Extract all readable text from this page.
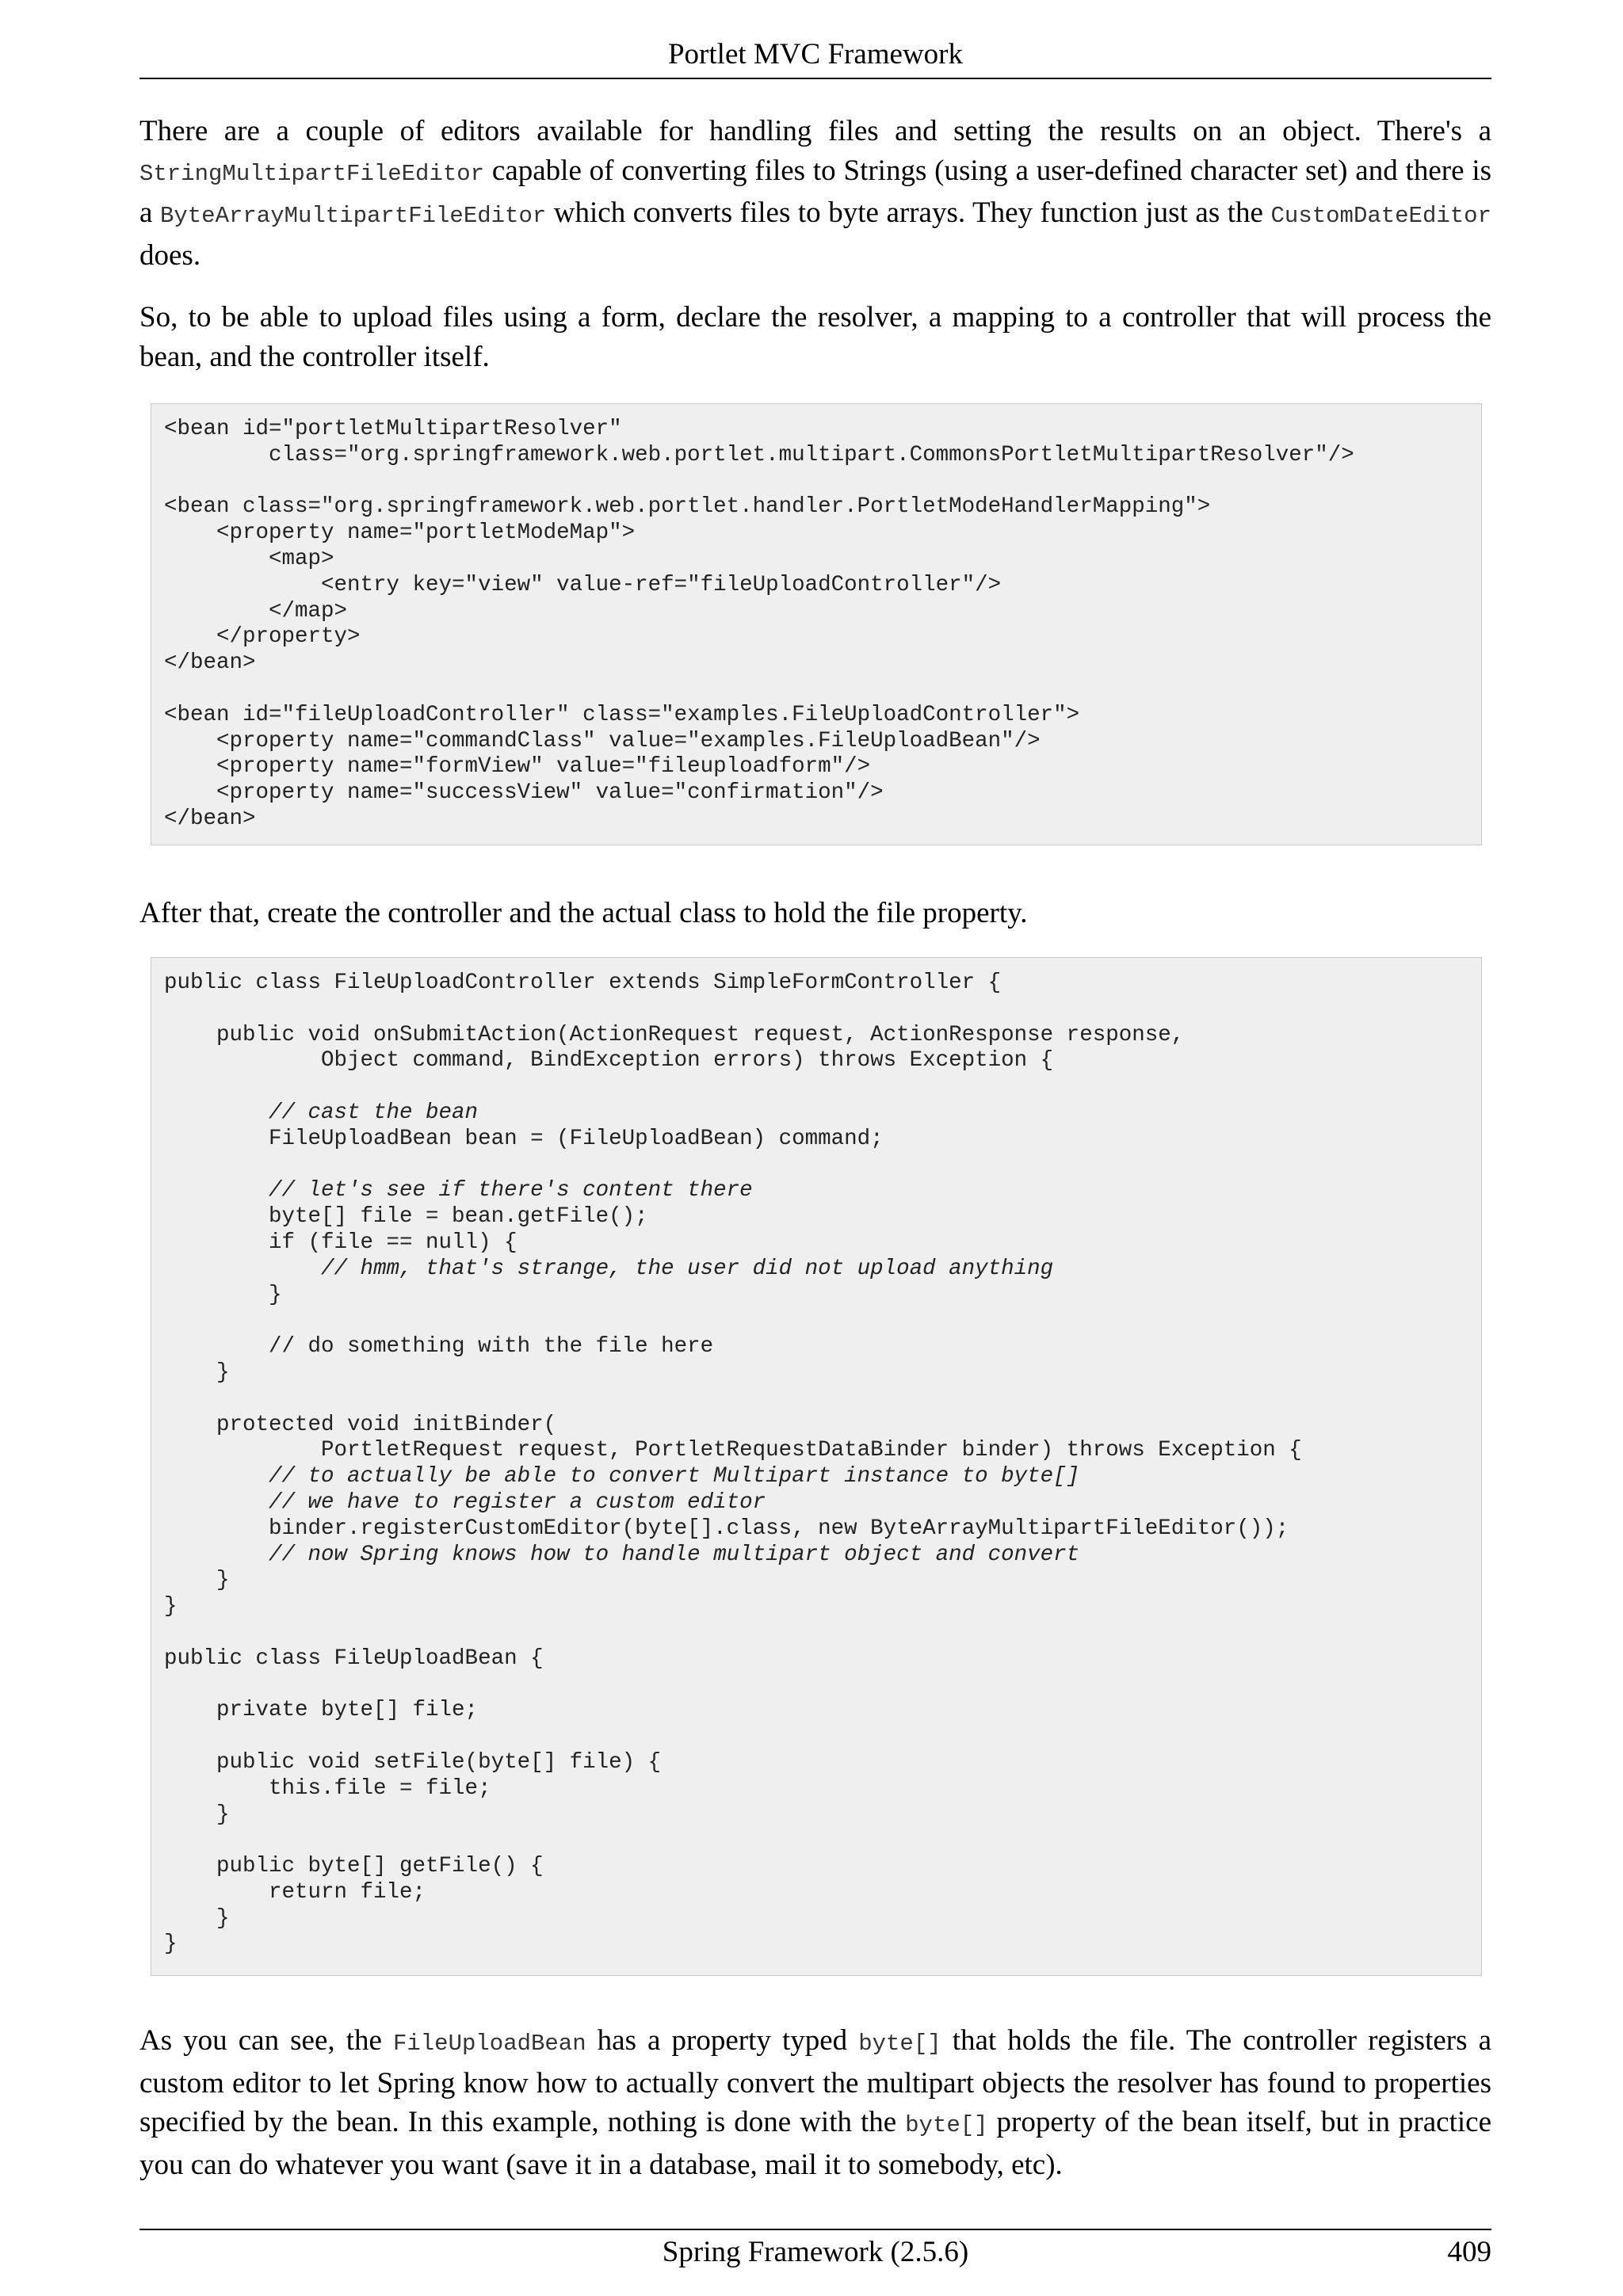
Portlet MVC Framework
There are a couple of editors available for handling files and setting the results on an object. There's a StringMultipartFileEditor capable of converting files to Strings (using a user-defined character set) and there is a ByteArrayMultipartFileEditor which converts files to byte arrays. They function just as the CustomDateEditor does.
So, to be able to upload files using a form, declare the resolver, a mapping to a controller that will process the bean, and the controller itself.
<bean id="portletMultipartResolver"
class="org.springframework.web.portlet.multipart.CommonsPortletMultipartResolver"/>

<bean class="org.springframework.web.portlet.handler.PortletModeHandlerMapping">
<property name="portletModeMap">
<map>
<entry key="view" value-ref="fileUploadController"/>
</map>
</property>
</bean>

<bean id="fileUploadController" class="examples.FileUploadController">
<property name="commandClass" value="examples.FileUploadBean"/>
<property name="formView" value="fileuploadform"/>
<property name="successView" value="confirmation"/>
</bean>
After that, create the controller and the actual class to hold the file property.
public class FileUploadController extends SimpleFormController {

public void onSubmitAction(ActionRequest request, ActionResponse response,
Object command, BindException errors) throws Exception {

// cast the bean
FileUploadBean bean = (FileUploadBean) command;

// let's see if there's content there
byte[] file = bean.getFile();
if (file == null) {
// hmm, that's strange, the user did not upload anything
}

// do something with the file here
}

protected void initBinder(
PortletRequest request, PortletRequestDataBinder binder) throws Exception {
// to actually be able to convert Multipart instance to byte[]
// we have to register a custom editor
binder.registerCustomEditor(byte[].class, new ByteArrayMultipartFileEditor());
// now Spring knows how to handle multipart object and convert
}
}

public class FileUploadBean {

private byte[] file;

public void setFile(byte[] file) {
this.file = file;
}

public byte[] getFile() {
return file;
}
}
As you can see, the FileUploadBean has a property typed byte[] that holds the file. The controller registers a custom editor to let Spring know how to actually convert the multipart objects the resolver has found to properties specified by the bean. In this example, nothing is done with the byte[] property of the bean itself, but in practice you can do whatever you want (save it in a database, mail it to somebody, etc).
Spring Framework (2.5.6)	409
